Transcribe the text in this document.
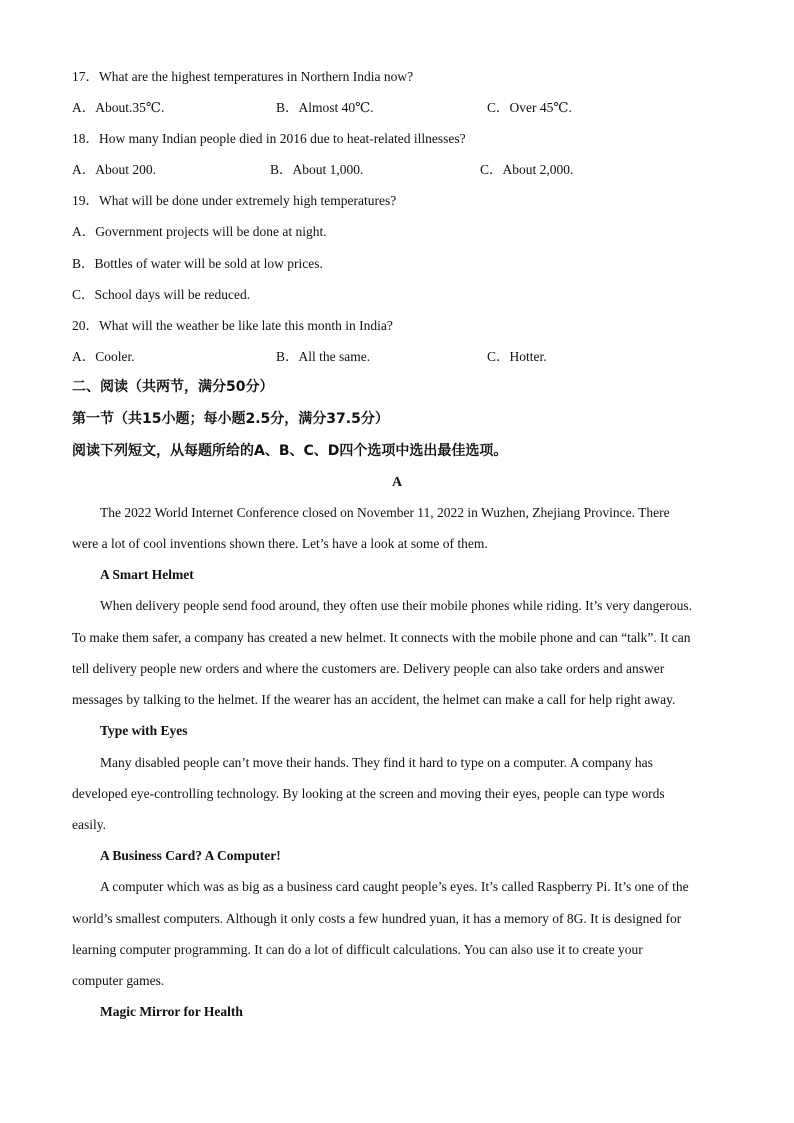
17．What are the highest temperatures in Northern India now?
A．About.35℃.	B．Almost 40℃.	C．Over 45℃.
18．How many Indian people died in 2016 due to heat-related illnesses?
A．About 200.	B．About 1,000.	C．About 2,000.
19．What will be done under extremely high temperatures?
A．Government projects will be done at night.
B．Bottles of water will be sold at low prices.
C．School days will be reduced.
20．What will the weather be like late this month in India?
A．Cooler.	B．All the same.	C．Hotter.
二、阅读（共两节，满分50分）
第一节（共15小题；每小题2.5分，满分37.5分）
阅读下列短文，从每题所给的A、B、C、D四个选项中选出最佳选项。
A
The 2022 World Internet Conference closed on November 11, 2022 in Wuzhen, Zhejiang Province. There
were a lot of cool inventions shown there. Let’s have a look at some of them.
A Smart Helmet
When delivery people send food around, they often use their mobile phones while riding. It’s very dangerous.
To make them safer, a company has created a new helmet. It connects with the mobile phone and can “talk”. It can
tell delivery people new orders and where the customers are. Delivery people can also take orders and answer
messages by talking to the helmet. If the wearer has an accident, the helmet can make a call for help right away.
Type with Eyes
Many disabled people can’t move their hands. They find it hard to type on a computer. A company has
developed eye-controlling technology. By looking at the screen and moving their eyes, people can type words
easily.
A Business Card? A Computer!
A computer which was as big as a business card caught people’s eyes. It’s called Raspberry Pi. It’s one of the
world’s smallest computers. Although it only costs a few hundred yuan, it has a memory of 8G. It is designed for
learning computer programming. It can do a lot of difficult calculations. You can also use it to create your
computer games.
Magic Mirror for Health
